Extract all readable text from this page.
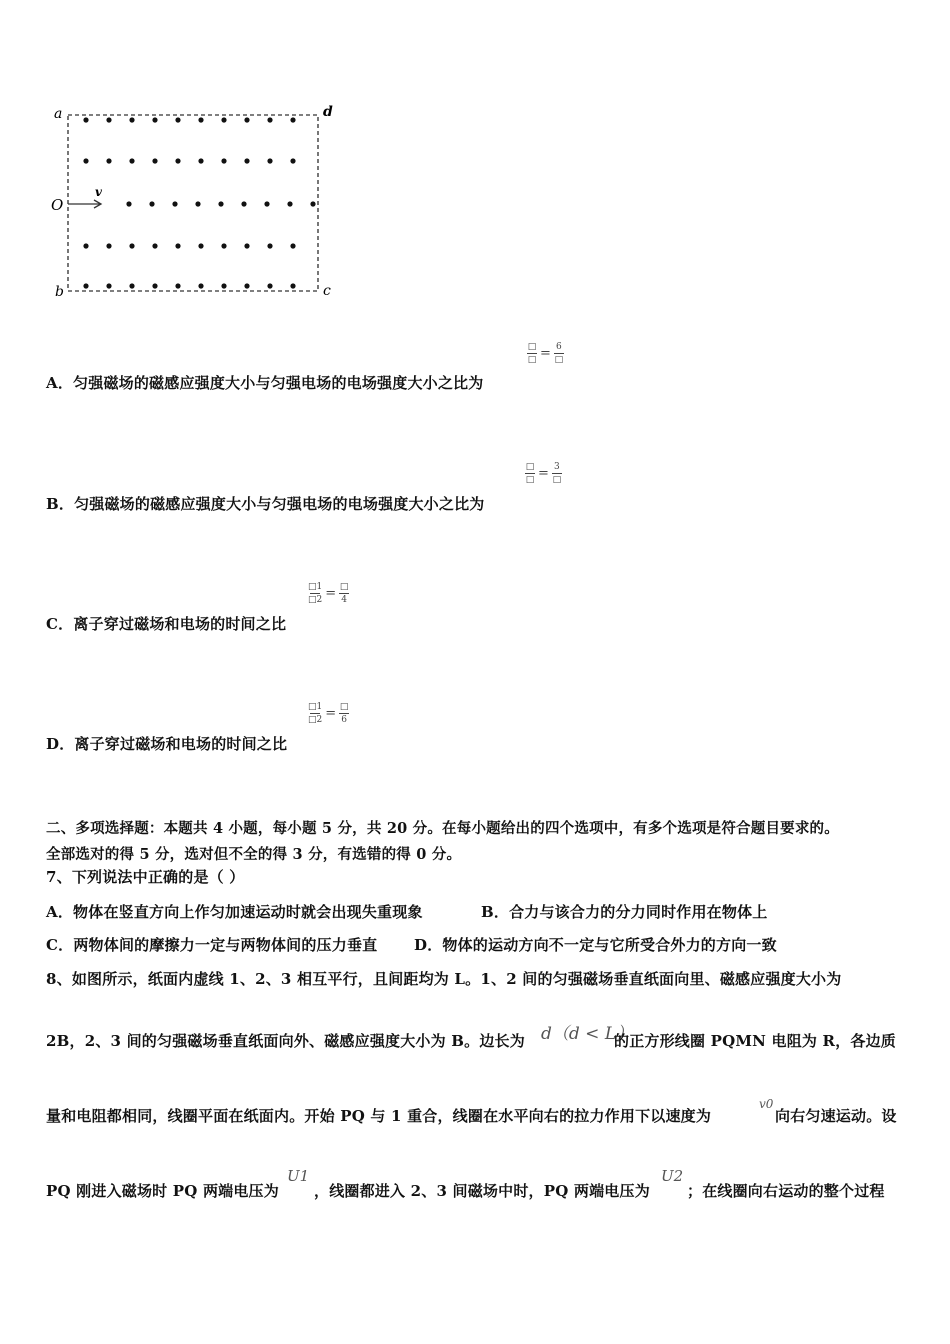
a	d
b	c
O
v
□
□ = 6
□
A．匀强磁场的磁感应强度大小与匀强电场的电场强度大小之比为
□
□ = 3
□
B．匀强磁场的磁感应强度大小与匀强电场的电场强度大小之比为
□1
□2 = □
4
C．离子穿过磁场和电场的时间之比
□1
□2 = □
6
D．离子穿过磁场和电场的时间之比
二、多项选择题：本题共 4 小题，每小题 5 分，共 20 分。在每小题给出的四个选项中，有多个选项是符合题目要求的。
全部选对的得 5 分，选对但不全的得 3 分，有选错的得 0 分。
7、下列说法中正确的是（ ）
A．物体在竖直方向上作匀加速运动时就会出现失重现象	B．合力与该合力的分力同时作用在物体上
C．两物体间的摩擦力一定与两物体间的压力垂直 D．物体的运动方向不一定与它所受合外力的方向一致
8、如图所示，纸面内虚线 1、2、3 相互平行，且间距均为 L。1、2 间的匀强磁场垂直纸面向里、磁感应强度大小为
2B，2、3 间的匀强磁场垂直纸面向外、磁感应强度大小为 B。边长为 d（d < L）
的正方形线圈 PQMN 电阻为 R，各边质
量和电阻都相同，线圈平面在纸面内。开始 PQ 与 1 重合，线圈在水平向右的拉力作用下以速度为
v0
向右匀速运动。设
PQ 刚进入磁场时 PQ 两端电压为
U1
，线圈都进入 2、3 间磁场中时，PQ 两端电压为
U2
；在线圈向右运动的整个过程
